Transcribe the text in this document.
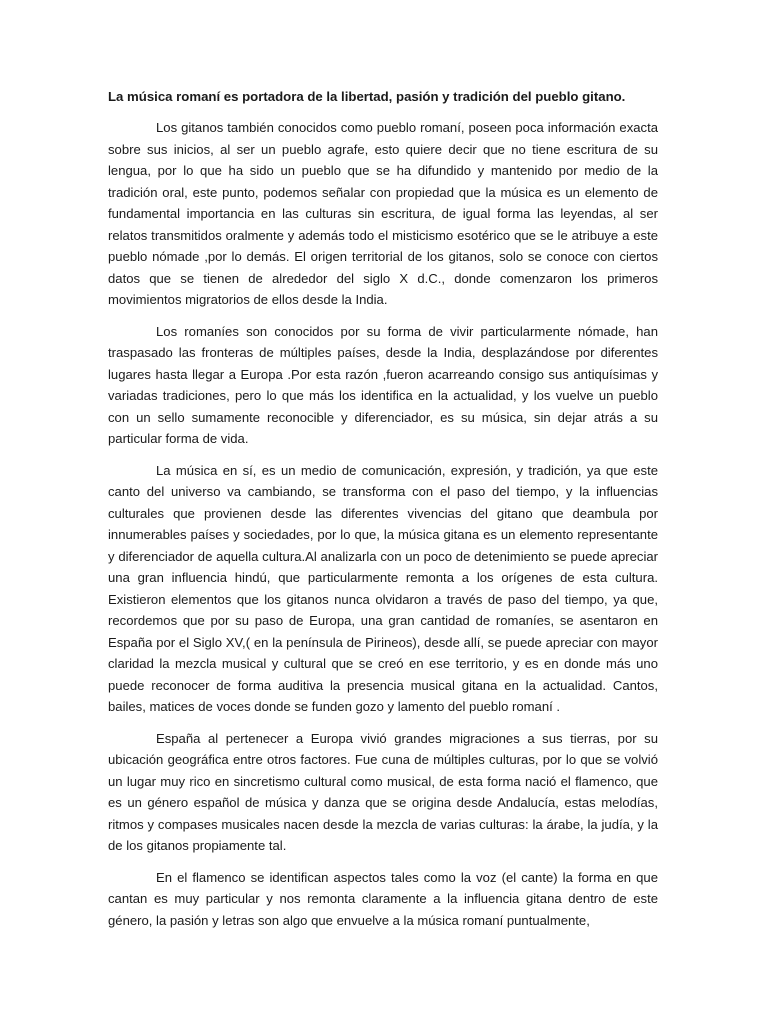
La música romaní es portadora de la libertad, pasión y tradición del pueblo gitano.

Los gitanos también conocidos como pueblo romaní, poseen poca información exacta sobre sus inicios, al ser un pueblo agrafe, esto quiere decir que no tiene escritura de su lengua, por lo que ha sido un pueblo que se ha difundido y mantenido por medio de la tradición oral, este punto, podemos señalar con propiedad que la música es un elemento de fundamental importancia en las culturas sin escritura, de igual forma las leyendas, al ser relatos transmitidos oralmente y además todo el misticismo esotérico que se le atribuye a este pueblo nómade ,por lo demás. El origen territorial de los gitanos, solo se conoce con ciertos datos que se tienen de alrededor del siglo X d.C., donde comenzaron los primeros movimientos migratorios de ellos desde la India.

Los romaníes son conocidos por su forma de vivir particularmente nómade, han traspasado las fronteras de múltiples países, desde la India, desplazándose por diferentes lugares hasta llegar a Europa .Por esta razón ,fueron acarreando consigo sus antiquísimas y variadas tradiciones, pero lo que más los identifica en la actualidad, y los vuelve un pueblo con un sello sumamente reconocible y diferenciador, es su música, sin dejar atrás a su particular forma de vida.

La música en sí, es un medio de comunicación, expresión, y tradición, ya que este canto del universo va cambiando, se transforma con el paso del tiempo, y la influencias culturales que provienen desde las diferentes vivencias del gitano que deambula por innumerables países y sociedades, por lo que, la música gitana es un elemento representante y diferenciador de aquella cultura.Al analizarla con un poco de detenimiento se puede apreciar una gran influencia hindú, que particularmente remonta a los orígenes de esta cultura. Existieron elementos que los gitanos nunca olvidaron a través de paso del tiempo, ya que, recordemos que por su paso de Europa, una gran cantidad de romaníes, se asentaron en España por el Siglo XV,( en la península de Pirineos), desde allí, se puede apreciar con mayor claridad la mezcla musical y cultural que se creó en ese territorio, y es en donde más uno puede reconocer de forma auditiva la presencia musical gitana en la actualidad. Cantos, bailes, matices de voces donde se funden gozo y lamento del pueblo romaní .

España al pertenecer a Europa vivió grandes migraciones a sus tierras, por su ubicación geográfica entre otros factores. Fue cuna de múltiples culturas, por lo que se volvió un lugar muy rico en sincretismo cultural como musical, de esta forma nació el flamenco, que es un género español de música y danza que se origina desde Andalucía, estas melodías, ritmos y compases musicales nacen desde la mezcla de varias culturas: la árabe, la judía, y la de los gitanos propiamente tal.

En el flamenco se identifican aspectos tales como la voz (el cante) la forma en que cantan es muy particular y nos remonta claramente a la influencia gitana dentro de este género, la pasión y letras son algo que envuelve a la música romaní puntualmente,
